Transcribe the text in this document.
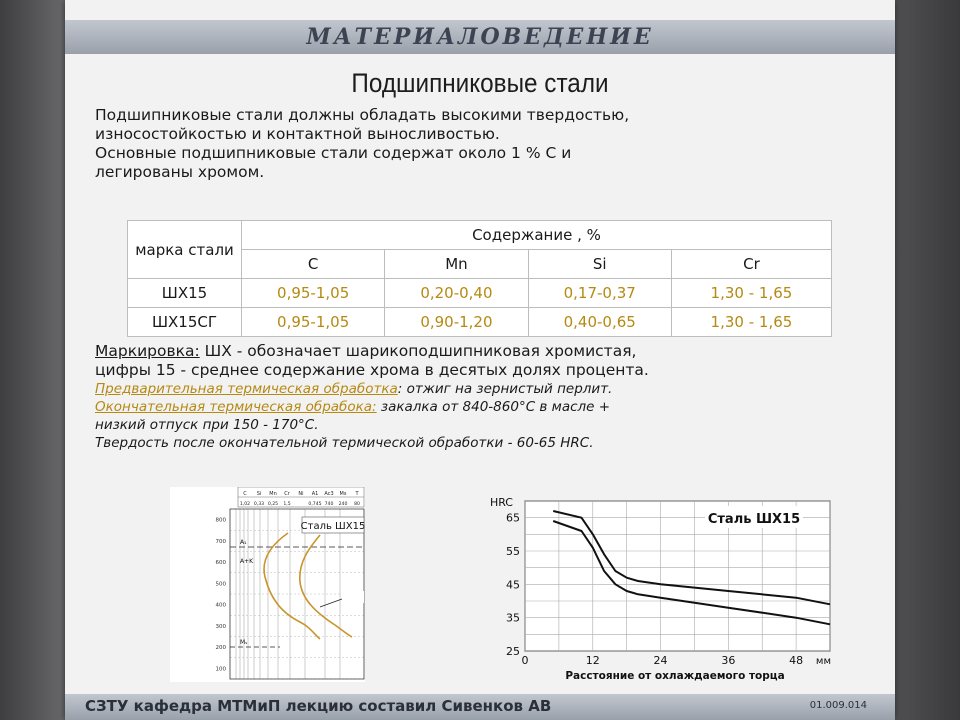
МАТЕРИАЛОВЕДЕНИЕ
Подшипниковые стали

Подшипниковые стали должны обладать высокими твердостью,

износостойкостью и контактной выносливостью.

Основные подшипниковые стали содержат около 1 % С и

легированы хромом.

марка стали	Содержание , %			
	C	Mn	Si	Cr
ШХ15	0,95-1,05	0,20-0,40	0,17-0,37	1,30 - 1,65
ШХ15СГ	0,95-1,05	0,90-1,20	0,40-0,65	1,30 - 1,65

Маркировка: ШХ - обозначает шарикоподшипниковая хромистая,

цифры 15 - среднее содержание хрома в десятых долях процента.

Предварительная термическая обработка: отжиг на зернистый перлит.

Окончательная термическая обрабока: закалка от 840-860°С в масле +

низкий отпуск при 150 - 170°С.

Твердость после окончательной термической обработки - 60-65 HRC.

C Si Mn Cr Ni A1 Ac3 Ms T
1,02 0,33 0,25 1,5	0,745 740 240 80
800
700
600
500
400
300
200
100
Сталь ШХ15
A₁
A+K
Mₛ
0	12	24	36	48
65
55
45
35
25
HRC
Сталь ШХ15
мм
Расстояние от охлаждаемого торца
СЗТУ кафедра МТМиП лекцию составил Сивенков АВ	01.009.014
